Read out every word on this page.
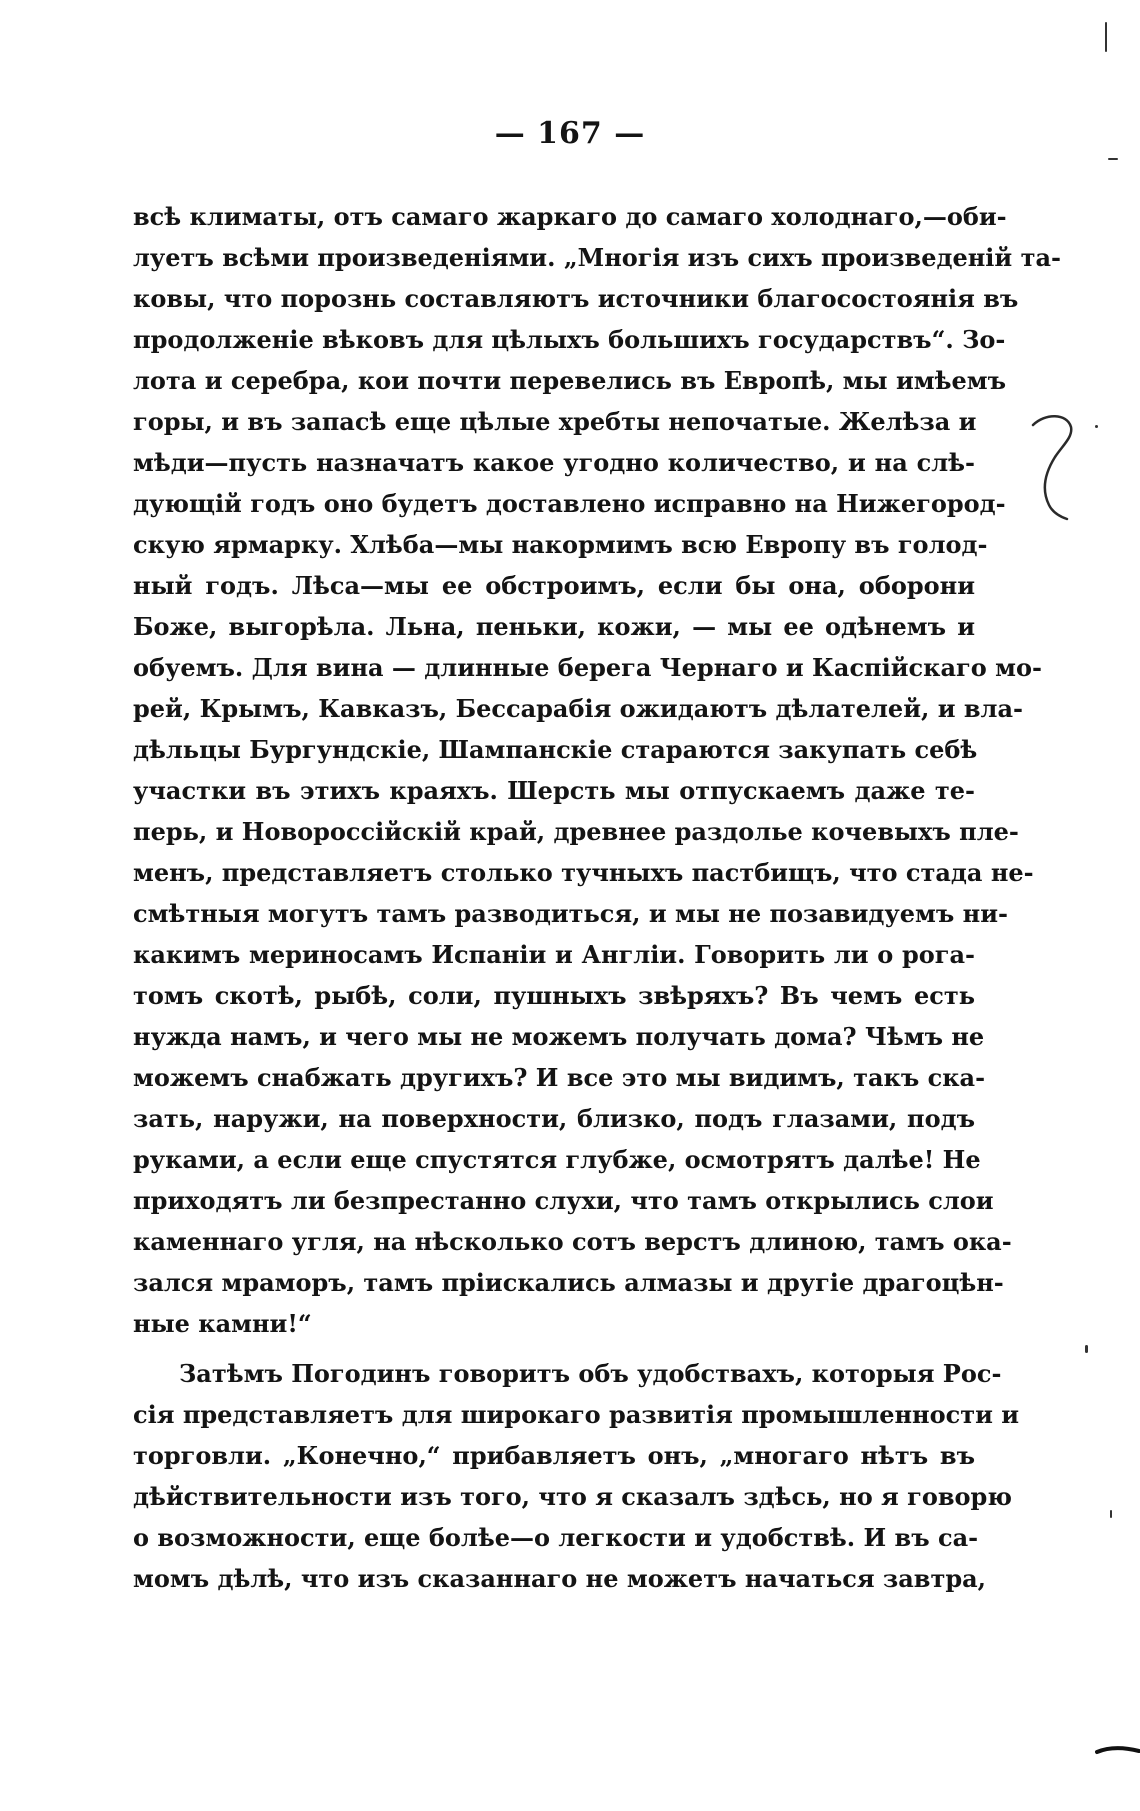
— 167 —
всѣ климаты, отъ самаго жаркаго до самаго холоднаго,—оби-
луетъ всѣми произведеніями. „Многія изъ сихъ произведеній та-
ковы, что порознь составляютъ источники благосостоянія въ
продолженіе вѣковъ для цѣлыхъ большихъ государствъ“. Зо-
лота и серебра, кои почти перевелись въ Европѣ, мы имѣемъ
горы, и въ запасѣ еще цѣлые хребты непочатые. Желѣза и
мѣди—пусть назначатъ какое угодно количество, и на слѣ-
дующій годъ оно будетъ доставлено исправно на Нижегород-
скую ярмарку. Хлѣба—мы накормимъ всю Европу въ голод-
ный годъ. Лѣса—мы ее обстроимъ, если бы она, оборони
Боже, выгорѣла. Льна, пеньки, кожи, — мы ее одѣнемъ и
обуемъ. Для вина — длинные берега Чернаго и Каспійскаго мо-
рей, Крымъ, Кавказъ, Бессарабія ожидаютъ дѣлателей, и вла-
дѣльцы Бургундскіе, Шампанскіе стараются закупать себѣ
участки въ этихъ краяхъ. Шерсть мы отпускаемъ даже те-
перь, и Новороссійскій край, древнее раздолье кочевыхъ пле-
менъ, представляетъ столько тучныхъ пастбищъ, что стада не-
смѣтныя могутъ тамъ разводиться, и мы не позавидуемъ ни-
какимъ мериносамъ Испаніи и Англіи. Говорить ли о рога-
томъ скотѣ, рыбѣ, соли, пушныхъ звѣряхъ? Въ чемъ есть
нужда намъ, и чего мы не можемъ получать дома? Чѣмъ не
можемъ снабжать другихъ? И все это мы видимъ, такъ ска-
зать, наружи, на поверхности, близко, подъ глазами, подъ
руками, а если еще спустятся глубже, осмотрятъ далѣе! Не
приходятъ ли безпрестанно слухи, что тамъ открылись слои
каменнаго угля, на нѣсколько сотъ верстъ длиною, тамъ ока-
зался мраморъ, тамъ пріискались алмазы и другіе драгоцѣн-
ные камни!“
Затѣмъ Погодинъ говоритъ объ удобствахъ, которыя Рос-
сія представляетъ для широкаго развитія промышленности и
торговли. „Конечно,“ прибавляетъ онъ, „многаго нѣтъ въ
дѣйствительности изъ того, что я сказалъ здѣсь, но я говорю
о возможности, еще болѣе—о легкости и удобствѣ. И въ са-
момъ дѣлѣ, что изъ сказаннаго не можетъ начаться завтра,
